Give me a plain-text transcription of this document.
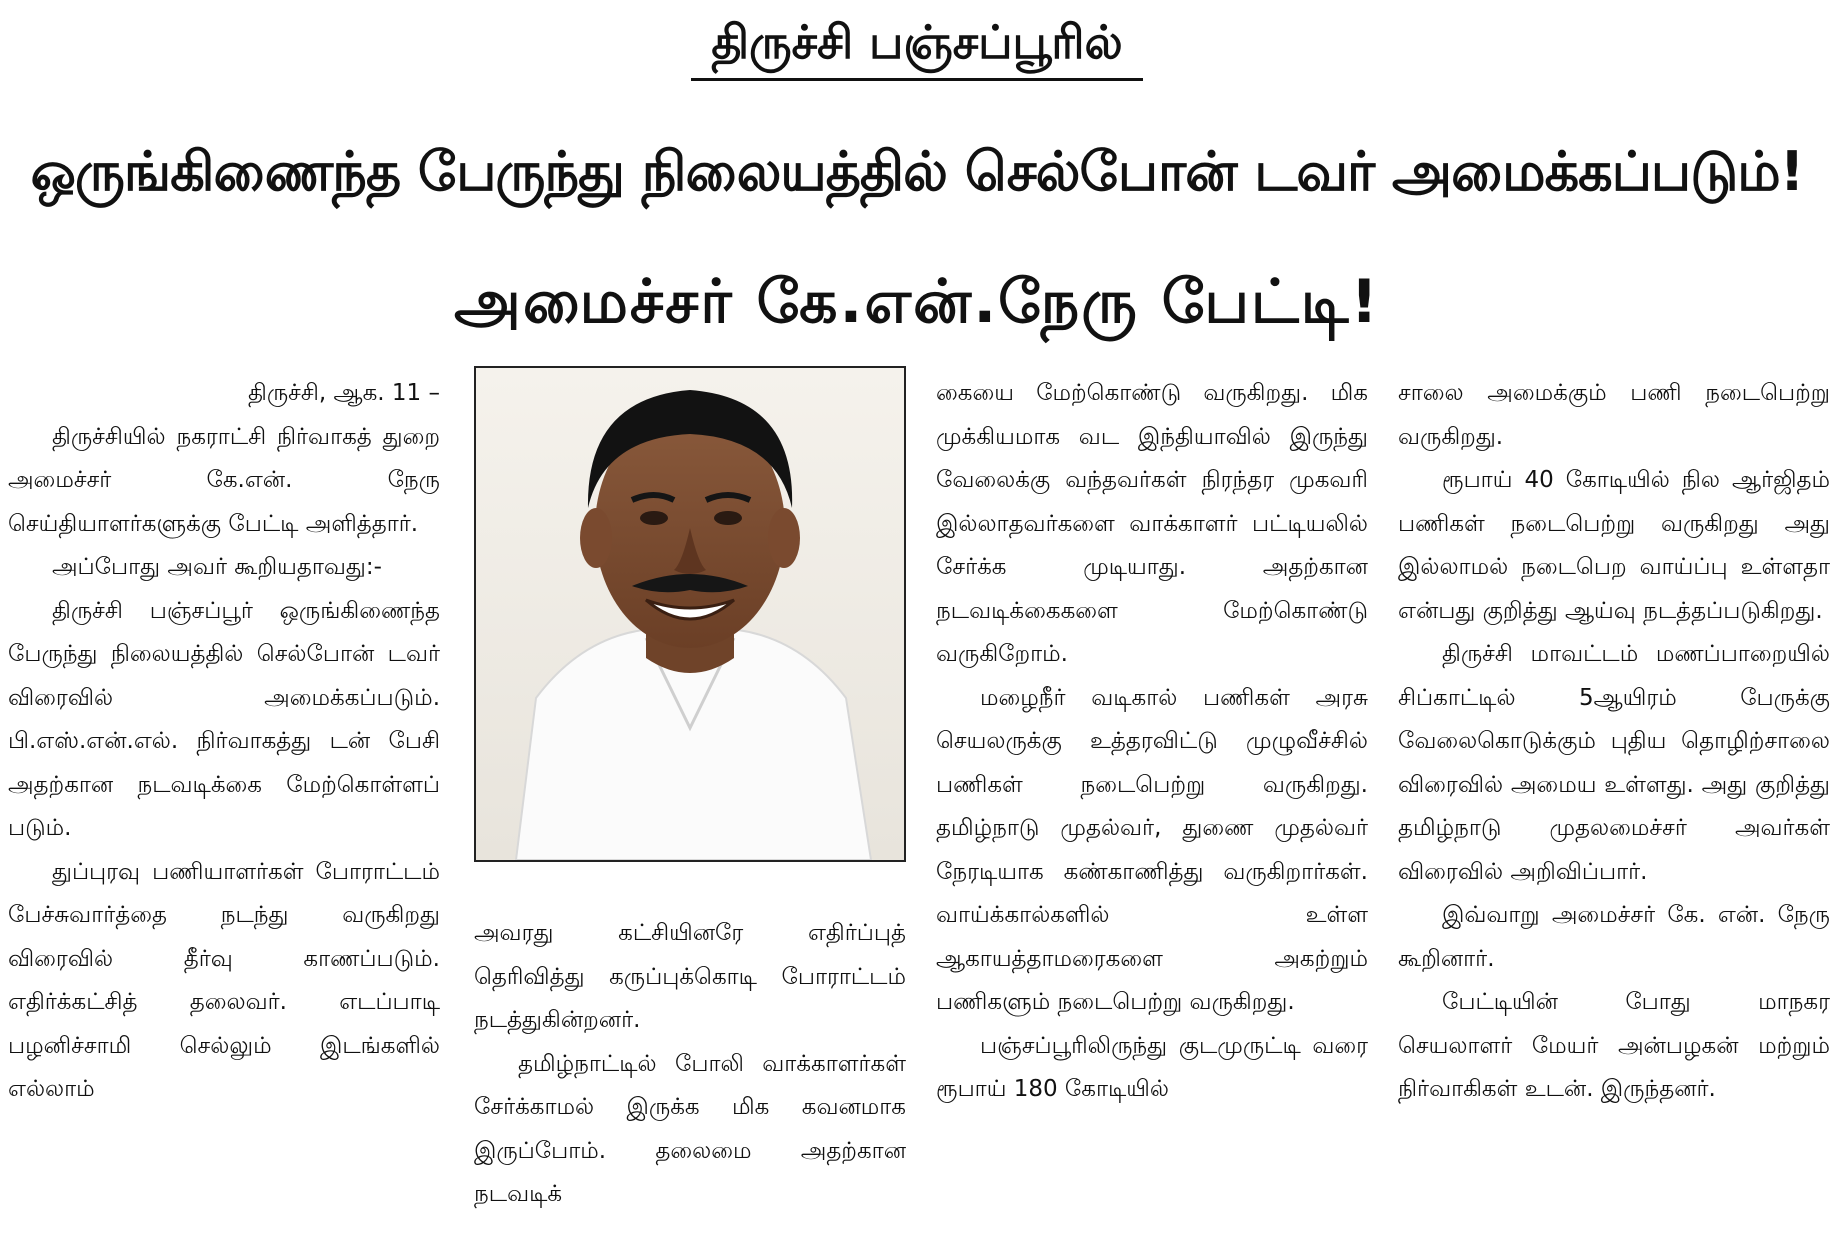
திருச்சி பஞ்சப்பூரில்
ஒருங்கிணைந்த பேருந்து நிலையத்தில் செல்போன் டவர் அமைக்கப்படும்!
அமைச்சர் கே.என்.நேரு பேட்டி!

திருச்சி, ஆக. 11 –

திருச்சியில் நகராட்சி நிர்வாகத் துறை அமைச்சர் கே.என். நேரு செய்தியாளர்களுக்கு பேட்டி அளித்தார்.

அப்போது அவர் கூறியதாவது:-

திருச்சி பஞ்சப்பூர் ஒருங்கிணைந்த பேருந்து நிலையத்தில் செல்போன் டவர் விரைவில் அமைக்கப்படும். பி.எஸ்.என்.எல். நிர்வாகத்து டன் பேசி அதற்கான நடவடிக்கை மேற்கொள்ளப் படும்.

துப்புரவு பணியாளர்கள் போராட்டம் பேச்சுவார்த்தை நடந்து வருகிறது விரைவில் தீர்வு காணப்படும். எதிர்க்கட்சித் தலைவர். எடப்பாடி பழனிச்சாமி செல்லும் இடங்களில் எல்லாம்

அவரது கட்சியினரே எதிர்ப்புத் தெரிவித்து கருப்புக்கொடி போராட்டம் நடத்துகின்றனர்.

தமிழ்நாட்டில் போலி வாக்காளர்கள் சேர்க்காமல் இருக்க மிக கவனமாக இருப்போம். தலைமை அதற்கான நடவடிக்

கையை மேற்கொண்டு வருகிறது. மிக முக்கியமாக வட இந்தியாவில் இருந்து வேலைக்கு வந்தவர்கள் நிரந்தர முகவரி இல்லாதவர்களை வாக்காளர் பட்டியலில் சேர்க்க முடியாது. அதற்கான நடவடிக்கைகளை மேற்கொண்டு வருகிறோம்.

மழைநீர் வடிகால் பணிகள் அரசு செயலருக்கு உத்தரவிட்டு முழுவீச்சில் பணிகள் நடைபெற்று வருகிறது. தமிழ்நாடு முதல்வர், துணை முதல்வர் நேரடியாக கண்காணித்து வருகிறார்கள். வாய்க்கால்களில் உள்ள ஆகாயத்தாமரைகளை அகற்றும் பணிகளும் நடைபெற்று வருகிறது.

பஞ்சப்பூரிலிருந்து குடமுருட்டி வரை ரூபாய் 180 கோடியில்

சாலை அமைக்கும் பணி நடைபெற்று வருகிறது.

ரூபாய் 40 கோடியில் நில ஆர்ஜிதம் பணிகள் நடைபெற்று வருகிறது அது இல்லாமல் நடைபெற வாய்ப்பு உள்ளதா என்பது குறித்து ஆய்வு நடத்தப்படுகிறது.

திருச்சி மாவட்டம் மணப்பாறையில் சிப்காட்டில் 5ஆயிரம் பேருக்கு வேலைகொடுக்கும் புதிய தொழிற்சாலை விரைவில் அமைய உள்ளது. அது குறித்து தமிழ்நாடு முதலமைச்சர் அவர்கள் விரைவில் அறிவிப்பார்.

இவ்வாறு அமைச்சர் கே. என். நேரு கூறினார்.

பேட்டியின் போது மாநகர செயலாளர் மேயர் அன்பழகன் மற்றும் நிர்வாகிகள் உடன். இருந்தனர்.
